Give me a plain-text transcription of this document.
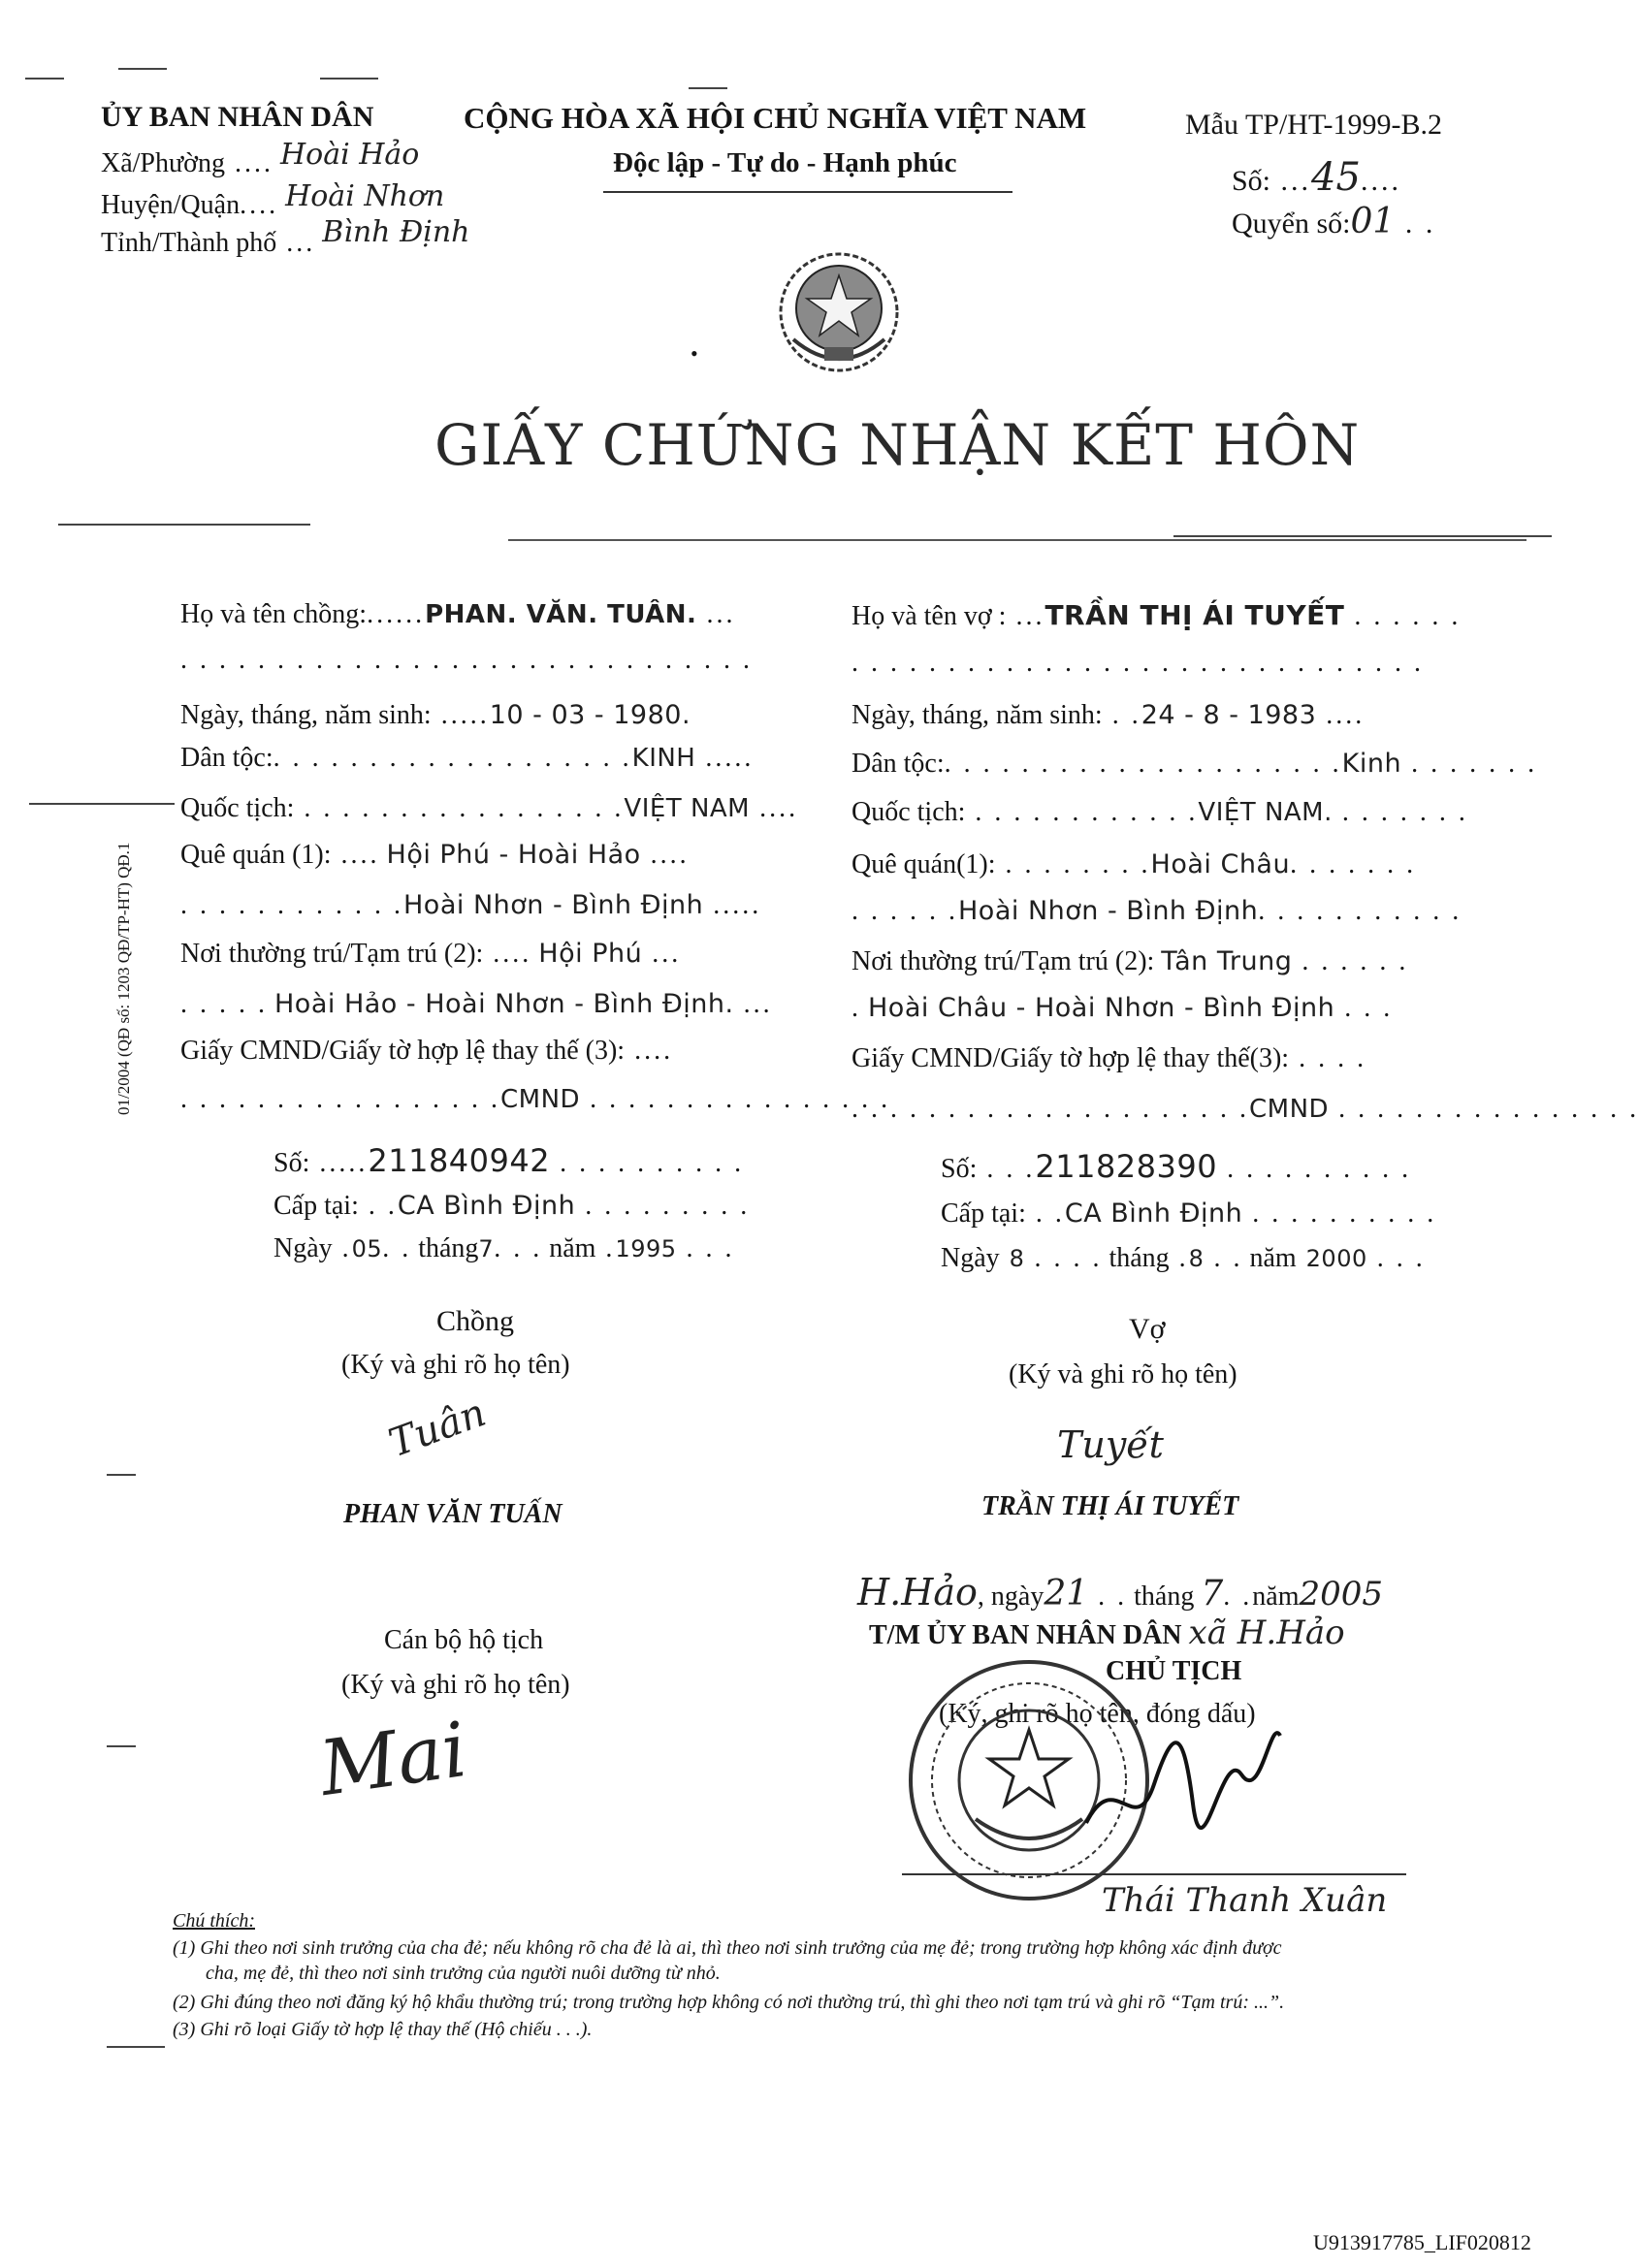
ỦY BAN NHÂN DÂN
Xã/Phường .... Hoài Hảo
Huyện/Quận.... Hoài Nhơn
Tỉnh/Thành phố ... Bình Định
CỘNG HÒA XÃ HỘI CHỦ NGHĨA VIỆT NAM
Độc lập - Tự do - Hạnh phúc
Mẫu TP/HT-1999-B.2
Số: ...45....
Quyển số:01 . .
•
GIẤY CHỨNG NHẬN KẾT HÔN
01/2004 (QĐ số: 1203 QĐ/TP-HT) QĐ.1
Họ và tên chồng:......PHAN. VĂN. TUÂN. ...
. . . . . . . . . . . . . . . . . . . . . . . . . . . . . .
Ngày, tháng, năm sinh: .....10 - 03 - 1980.
Dân tộc:. . . . . . . . . . . . . . . . . . .KINH .....
Quốc tịch: . . . . . . . . . . . . . . . . .VIỆT NAM ....
Quê quán (1): .... Hội Phú - Hoài Hảo ....
. . . . . . . . . . . .Hoài Nhơn - Bình Định .....
Nơi thường trú/Tạm trú (2): .... Hội Phú ...
. . . . . Hoài Hảo - Hoài Nhơn - Bình Định. ...
Giấy CMND/Giấy tờ hợp lệ thay thế (3): ....
. . . . . . . . . . . . . . . . .CMND . . . . . . . . . . . . . . . .
Số: .....211840942 . . . . . . . . . .
Cấp tại: . .CA Bình Định . . . . . . . . .
Ngày .05. . tháng7. . . năm .1995 . . .
Chồng
(Ký và ghi rõ họ tên)
Tuân
PHAN VĂN TUẤN
Họ và tên vợ : ...TRẦN THỊ ÁI TUYẾT . . . . . .
. . . . . . . . . . . . . . . . . . . . . . . . . . . . . .
Ngày, tháng, năm sinh: . .24 - 8 - 1983 ....
Dân tộc:. . . . . . . . . . . . . . . . . . . . .Kinh . . . . . . .
Quốc tịch: . . . . . . . . . . . .VIỆT NAM. . . . . . . .
Quê quán(1): . . . . . . . .Hoài Châu. . . . . . .
. . . . . .Hoài Nhơn - Bình Định. . . . . . . . . . .
Nơi thường trú/Tạm trú (2): Tân Trung . . . . . .
. Hoài Châu - Hoài Nhơn - Bình Định . . .
Giấy CMND/Giấy tờ hợp lệ thay thế(3): . . . .
. . . . . . . . . . . . . . . . . . . . .CMND . . . . . . . . . . . . . . . .
Số: . . .211828390 . . . . . . . . . .
Cấp tại: . .CA Bình Định . . . . . . . . . .
Ngày 8 . . . . tháng .8 . . năm 2000 . . .
Vợ
(Ký và ghi rõ họ tên)
Tuyết
TRẦN THỊ ÁI TUYẾT
Cán bộ hộ tịch
(Ký và ghi rõ họ tên)
Mai
H.Hảo, ngày21 . . tháng 7. .năm2005
T/M ỦY BAN NHÂN DÂN xã H.Hảo
CHỦ TỊCH
(Ký, ghi rõ họ tên, đóng dấu)
Thái Thanh Xuân
Chú thích:
(1) Ghi theo nơi sinh trưởng của cha đẻ; nếu không rõ cha đẻ là ai, thì theo nơi sinh trưởng của mẹ đẻ; trong trường hợp không xác định được
cha, mẹ đẻ, thì theo nơi sinh trưởng của người nuôi dưỡng từ nhỏ.
(2) Ghi đúng theo nơi đăng ký hộ khẩu thường trú; trong trường hợp không có nơi thường trú, thì ghi theo nơi tạm trú và ghi rõ “Tạm trú: ...”.
(3) Ghi rõ loại Giấy tờ hợp lệ thay thế (Hộ chiếu . . .).
U913917785_LIF020812
